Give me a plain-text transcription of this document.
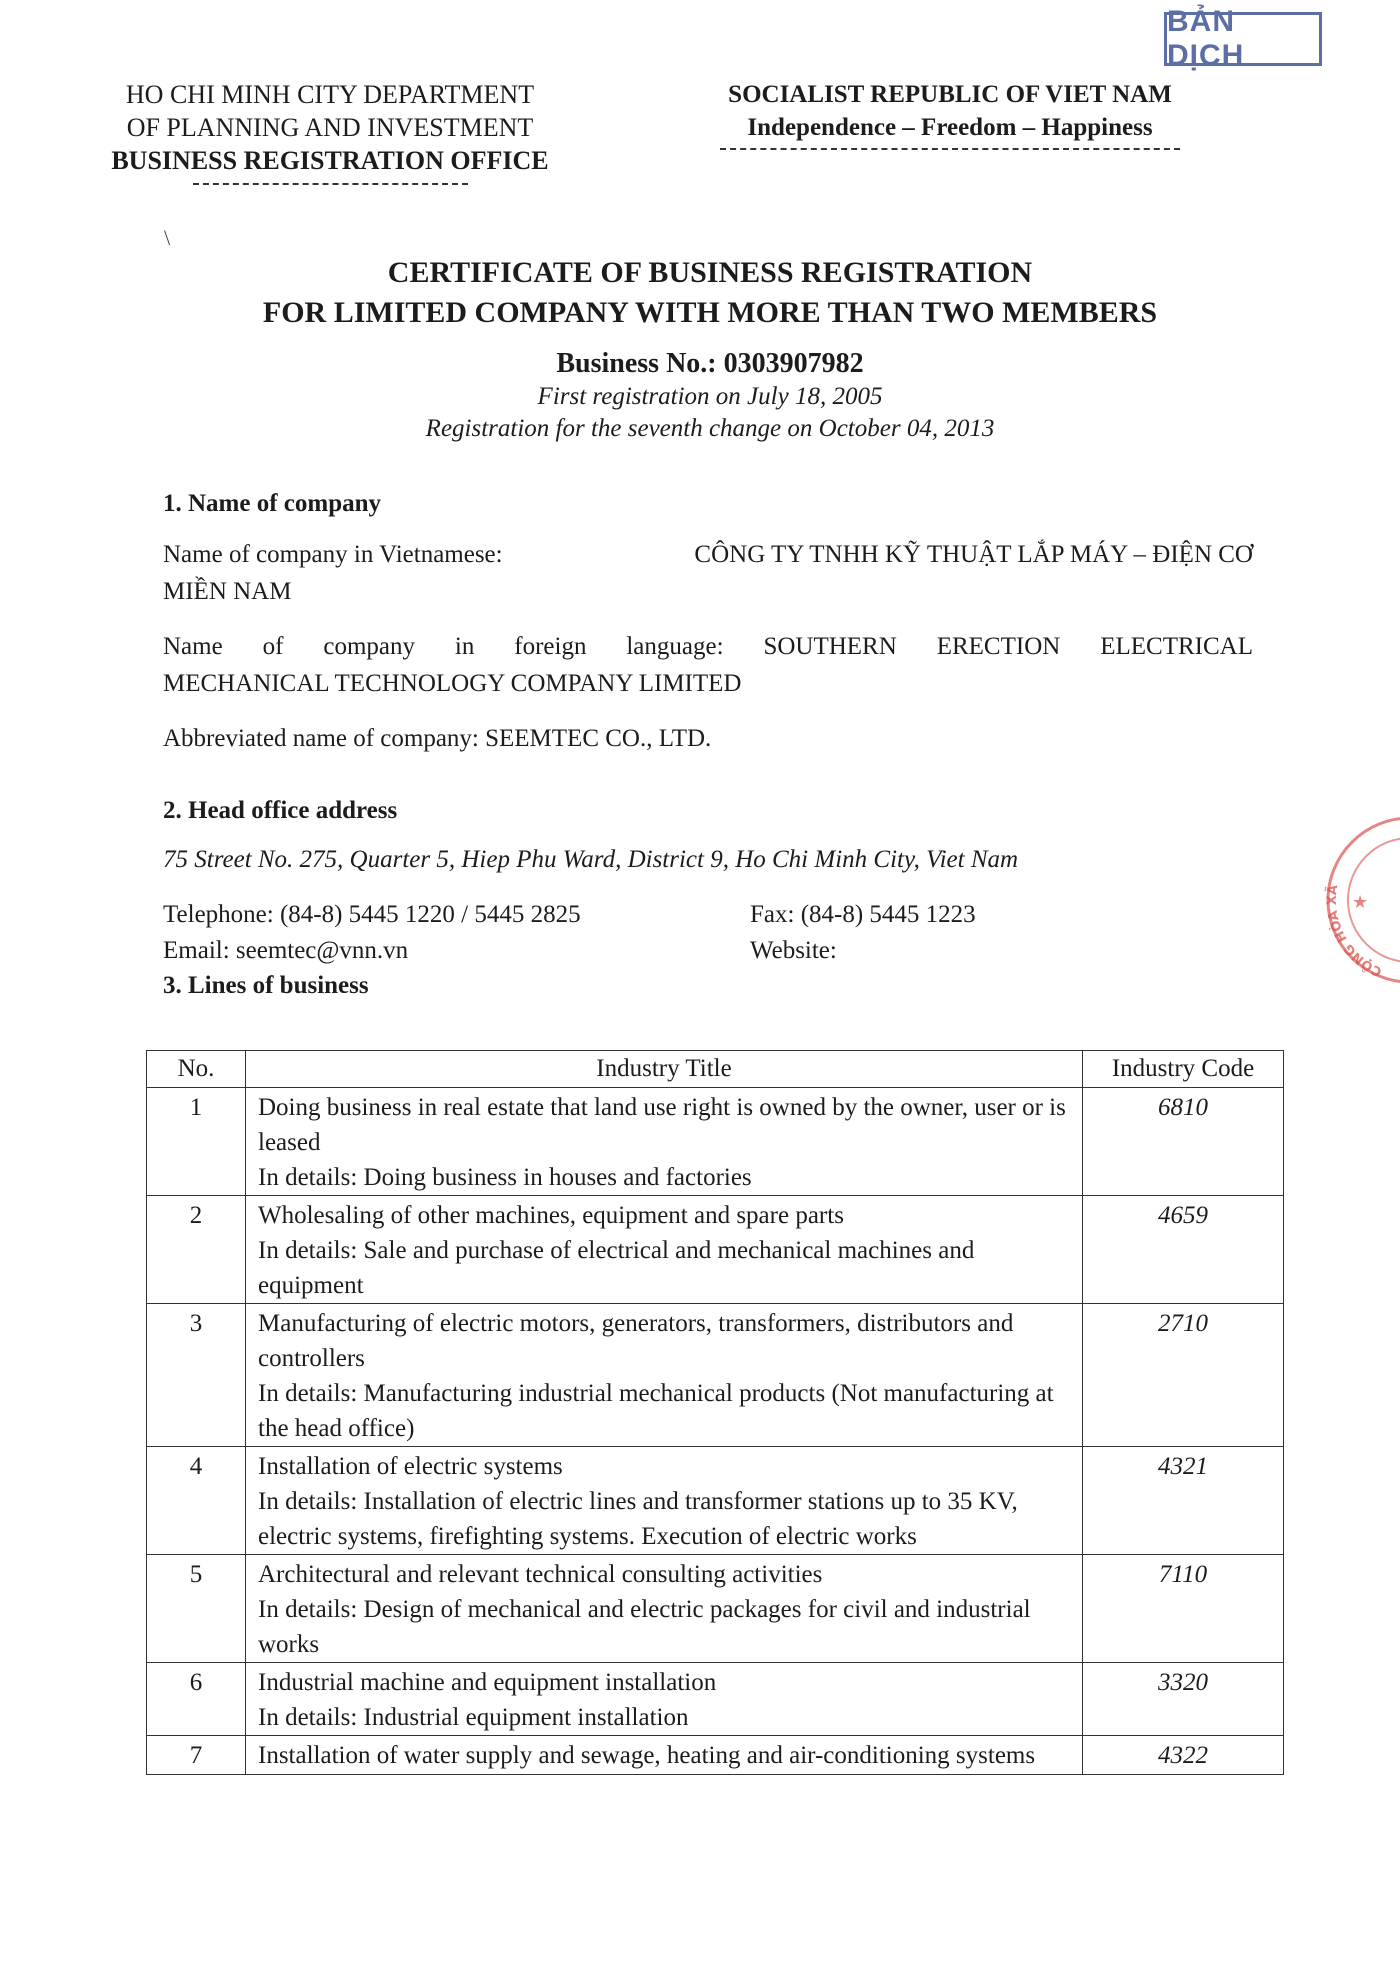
BẢN DỊCH
HO CHI MINH CITY DEPARTMENT
OF PLANNING AND INVESTMENT
BUSINESS REGISTRATION OFFICE
SOCIALIST REPUBLIC OF VIET NAM
Independence – Freedom – Happiness
\
CERTIFICATE OF BUSINESS REGISTRATION
FOR LIMITED COMPANY WITH MORE THAN TWO MEMBERS
Business No.: 0303907982
First registration on July 18, 2005
Registration for the seventh change on October 04, 2013
1. Name of company
Name of company in Vietnamese:	CÔNG TY TNHH KỸ THUẬT LẮP MÁY – ĐIỆN CƠ
MIỀN NAM
Name of company in foreign language: SOUTHERN ERECTION ELECTRICAL
MECHANICAL TECHNOLOGY COMPANY LIMITED
Abbreviated name of company: SEEMTEC CO., LTD.
2. Head office address
75 Street No. 275, Quarter 5, Hiep Phu Ward, District 9, Ho Chi Minh City, Viet Nam
Telephone: (84-8) 5445 1220 / 5445 2825	Fax: (84-8) 5445 1223
Email: seemtec@vnn.vn	Website:
3. Lines of business
No.	Industry Title	Industry Code
1	Doing business in real estate that land use right is owned by the owner, user or is leased
In details: Doing business in houses and factories	6810
2	Wholesaling of other machines, equipment and spare parts
In details: Sale and purchase of electrical and mechanical machines and equipment	4659
3	Manufacturing of electric motors, generators, transformers, distributors and controllers
In details: Manufacturing industrial mechanical products (Not manufacturing at the head office)	2710
4	Installation of electric systems
In details: Installation of electric lines and transformer stations up to 35 KV, electric systems, firefighting systems. Execution of electric works	4321
5	Architectural and relevant technical consulting activities
In details: Design of mechanical and electric packages for civil and industrial works	7110
6	Industrial machine and equipment installation
In details: Industrial equipment installation	3320
7	Installation of water supply and sewage, heating and air-conditioning systems	4322
CỘNG HÒA XÃ
★
